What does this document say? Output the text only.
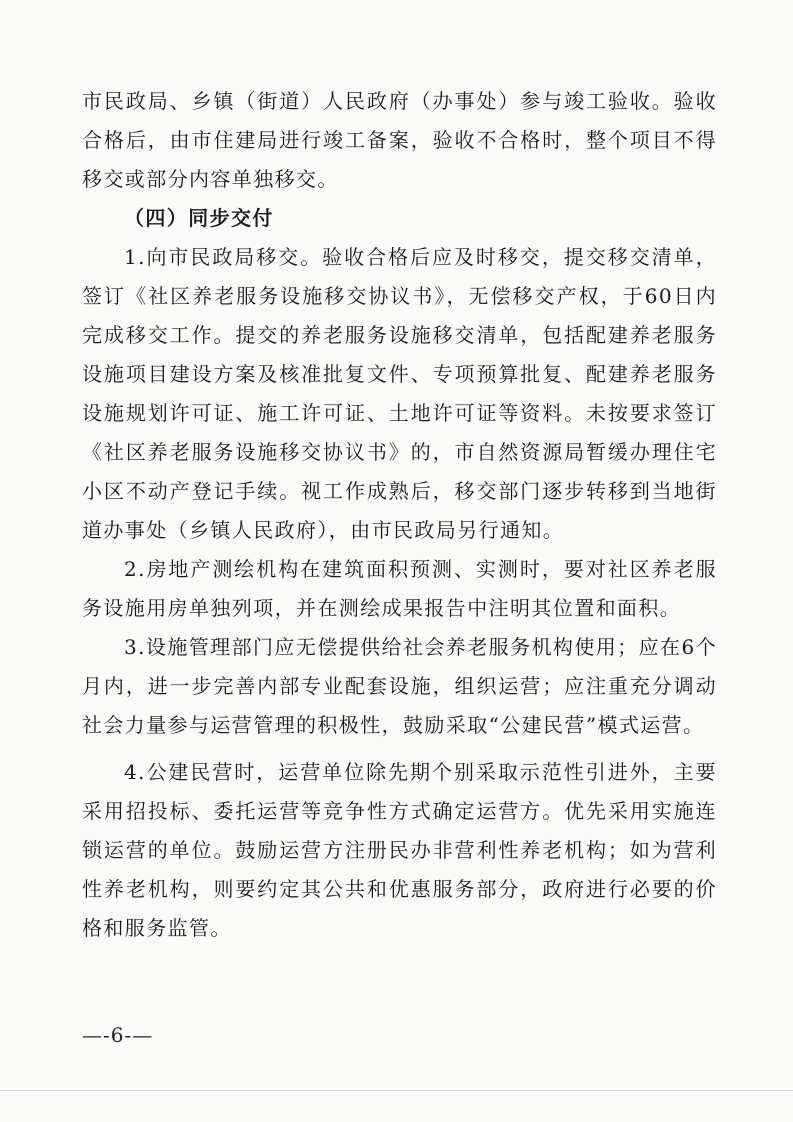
市民政局、乡镇（街道）人民政府（办事处）参与竣工验收。验收合格后，由市住建局进行竣工备案，验收不合格时，整个项目不得移交或部分内容单独移交。

（四）同步交付

1.向市民政局移交。验收合格后应及时移交，提交移交清单，签订《社区养老服务设施移交协议书》，无偿移交产权，于60日内完成移交工作。提交的养老服务设施移交清单，包括配建养老服务设施项目建设方案及核准批复文件、专项预算批复、配建养老服务设施规划许可证、施工许可证、土地许可证等资料。未按要求签订《社区养老服务设施移交协议书》的，市自然资源局暂缓办理住宅小区不动产登记手续。视工作成熟后，移交部门逐步转移到当地街道办事处（乡镇人民政府），由市民政局另行通知。

2.房地产测绘机构在建筑面积预测、实测时，要对社区养老服务设施用房单独列项，并在测绘成果报告中注明其位置和面积。

3.设施管理部门应无偿提供给社会养老服务机构使用；应在6个月内，进一步完善内部专业配套设施，组织运营；应注重充分调动社会力量参与运营管理的积极性，鼓励采取“公建民营”模式运营。

4.公建民营时，运营单位除先期个别采取示范性引进外，主要采用招投标、委托运营等竞争性方式确定运营方。优先采用实施连锁运营的单位。鼓励运营方注册民办非营利性养老机构；如为营利性养老机构，则要约定其公共和优惠服务部分，政府进行必要的价格和服务监管。

—-6-—
